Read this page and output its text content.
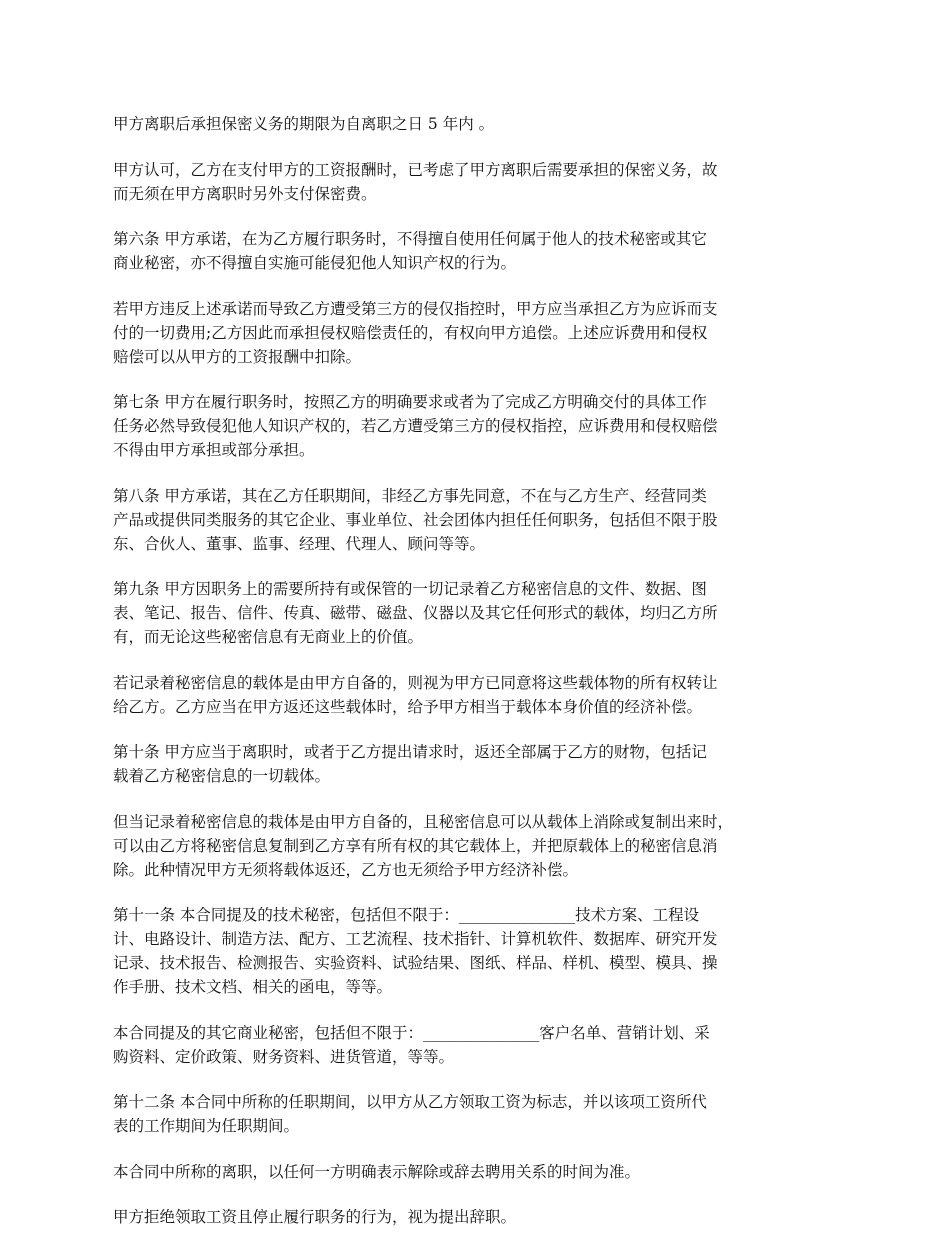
甲方离职后承担保密义务的期限为自离职之日 5 年内 。

甲方认可，乙方在支付甲方的工资报酬时，已考虑了甲方离职后需要承担的保密义务，故
而无须在甲方离职时另外支付保密费。

第六条 甲方承诺，在为乙方履行职务时，不得擅自使用任何属于他人的技术秘密或其它
商业秘密，亦不得擅自实施可能侵犯他人知识产权的行为。

若甲方违反上述承诺而导致乙方遭受第三方的侵仅指控时，甲方应当承担乙方为应诉而支
付的一切费用;乙方因此而承担侵权赔偿责任的，有权向甲方追偿。上述应诉费用和侵权
赔偿可以从甲方的工资报酬中扣除。

第七条 甲方在履行职务时，按照乙方的明确要求或者为了完成乙方明确交付的具体工作
任务必然导致侵犯他人知识产权的，若乙方遭受第三方的侵权指控，应诉费用和侵权赔偿
不得由甲方承担或部分承担。

第八条 甲方承诺，其在乙方任职期间，非经乙方事先同意，不在与乙方生产、经营同类
产品或提供同类服务的其它企业、事业单位、社会团体内担任任何职务，包括但不限于股
东、合伙人、董事、监事、经理、代理人、顾问等等。

第九条 甲方因职务上的需要所持有或保管的一切记录着乙方秘密信息的文件、数据、图
表、笔记、报告、信件、传真、磁带、磁盘、仪器以及其它任何形式的载体，均归乙方所
有，而无论这些秘密信息有无商业上的价值。

若记录着秘密信息的载体是由甲方自备的，则视为甲方已同意将这些载体物的所有权转让
给乙方。乙方应当在甲方返还这些载体时，给予甲方相当于载体本身价值的经济补偿。

第十条 甲方应当于离职时，或者于乙方提出请求时，返还全部属于乙方的财物，包括记
载着乙方秘密信息的一切载体。

但当记录着秘密信息的栽体是由甲方自备的，且秘密信息可以从载体上消除或复制出来时，
可以由乙方将秘密信息复制到乙方享有所有权的其它载体上，并把原载体上的秘密信息消
除。此种情况甲方无须将载体返还，乙方也无须给予甲方经济补偿。

第十一条 本合同提及的技术秘密，包括但不限于：_______________技术方案、工程设
计、电路设计、制造方法、配方、工艺流程、技术指针、计算机软件、数据库、研究开发
记录、技术报告、检测报告、实验资料、试验结果、图纸、样品、样机、模型、模具、操
作手册、技术文档、相关的函电，等等。

本合同提及的其它商业秘密，包括但不限于：_______________客户名单、营销计划、采
购资料、定价政策、财务资料、进货管道，等等。

第十二条 本合同中所称的任职期间，以甲方从乙方领取工资为标志，并以该项工资所代
表的工作期间为任职期间。

本合同中所称的离职，以任何一方明确表示解除或辞去聘用关系的时间为准。

甲方拒绝领取工资且停止履行职务的行为，视为提出辞职。
